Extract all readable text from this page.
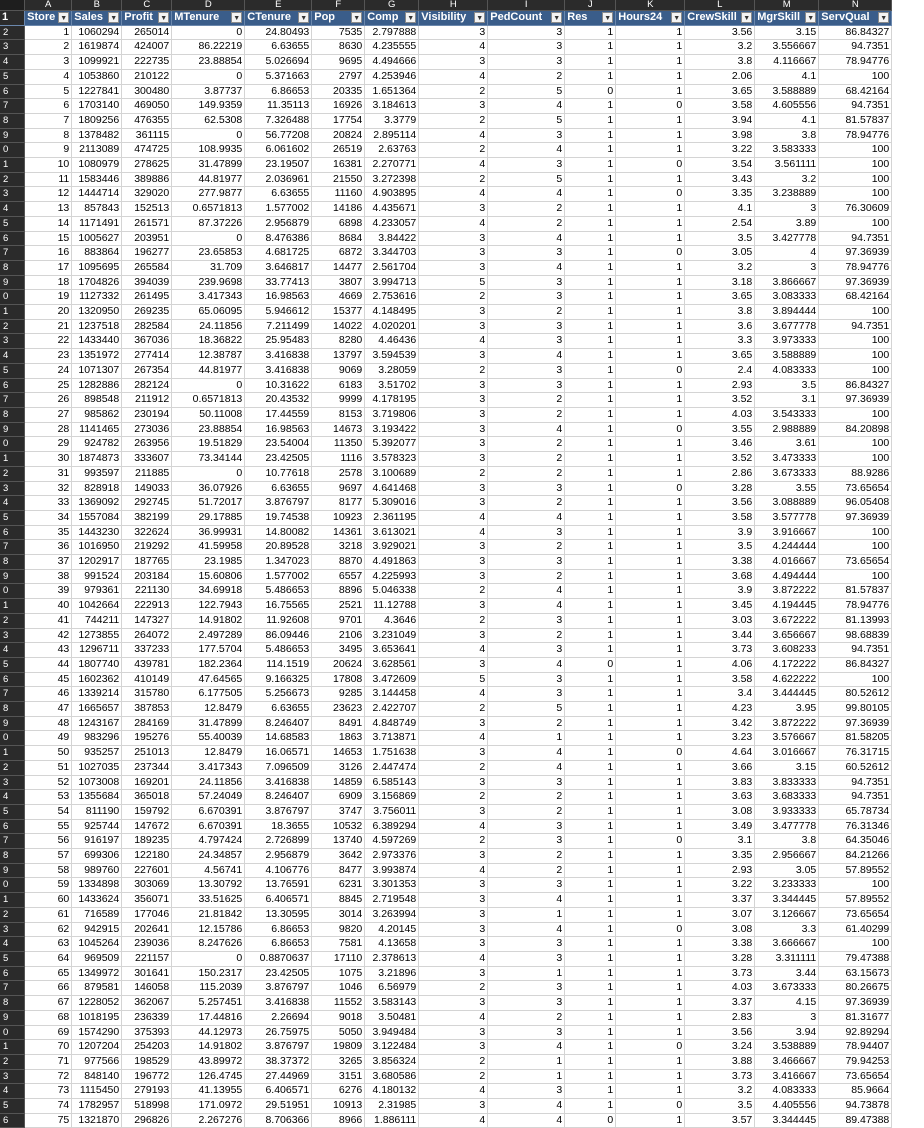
	A	B	C	D	E	F	G	H	I	J	K	L	M	N
1	Store ▼	Sales ▼	Profit ▼	MTenure ▼	CTenure ▼	Pop ▼	Comp ▼	Visibility ▼	PedCount ▼	Res ▼	Hours24 ▼	CrewSkill ▼	MgrSkill ▼	ServQual ▼

2	1	1060294	265014	0	24.80493	7535	2.797888	3	3	1	1	3.56	3.15	86.84327
3	2	1619874	424007	86.22219	6.63655	8630	4.235555	4	3	1	1	3.2	3.556667	94.7351
4	3	1099921	222735	23.88854	5.026694	9695	4.494666	3	3	1	1	3.8	4.116667	78.94776
5	4	1053860	210122	0	5.371663	2797	4.253946	4	2	1	1	2.06	4.1	100
6	5	1227841	300480	3.87737	6.86653	20335	1.651364	2	5	0	1	3.65	3.588889	68.42164
7	6	1703140	469050	149.9359	11.35113	16926	3.184613	3	4	1	0	3.58	4.605556	94.7351
8	7	1809256	476355	62.5308	7.326488	17754	3.3779	2	5	1	1	3.94	4.1	81.57837
9	8	1378482	361115	0	56.77208	20824	2.895114	4	3	1	1	3.98	3.8	78.94776
0	9	2113089	474725	108.9935	6.061602	26519	2.63763	2	4	1	1	3.22	3.583333	100
1	10	1080979	278625	31.47899	23.19507	16381	2.270771	4	3	1	0	3.54	3.561111	100
2	11	1583446	389886	44.81977	2.036961	21550	3.272398	2	5	1	1	3.43	3.2	100
3	12	1444714	329020	277.9877	6.63655	11160	4.903895	4	4	1	0	3.35	3.238889	100
4	13	857843	152513	0.6571813	1.577002	14186	4.435671	3	2	1	1	4.1	3	76.30609
5	14	1171491	261571	87.37226	2.956879	6898	4.233057	4	2	1	1	2.54	3.89	100
6	15	1005627	203951	0	8.476386	8684	3.84422	3	4	1	1	3.5	3.427778	94.7351
7	16	883864	196277	23.65853	4.681725	6872	3.344703	3	3	1	0	3.05	4	97.36939
8	17	1095695	265584	31.709	3.646817	14477	2.561704	3	4	1	1	3.2	3	78.94776
9	18	1704826	394039	239.9698	33.77413	3807	3.994713	5	3	1	1	3.18	3.866667	97.36939
0	19	1127332	261495	3.417343	16.98563	4669	2.753616	2	3	1	1	3.65	3.083333	68.42164
1	20	1320950	269235	65.06095	5.946612	15377	4.148495	3	2	1	1	3.8	3.894444	100
2	21	1237518	282584	24.11856	7.211499	14022	4.020201	3	3	1	1	3.6	3.677778	94.7351
3	22	1433440	367036	18.36822	25.95483	8280	4.46436	4	3	1	1	3.3	3.973333	100
4	23	1351972	277414	12.38787	3.416838	13797	3.594539	3	4	1	1	3.65	3.588889	100
5	24	1071307	267354	44.81977	3.416838	9069	3.28059	2	3	1	0	2.4	4.083333	100
6	25	1282886	282124	0	10.31622	6183	3.51702	3	3	1	1	2.93	3.5	86.84327
7	26	898548	211912	0.6571813	20.43532	9999	4.178195	3	2	1	1	3.52	3.1	97.36939
8	27	985862	230194	50.11008	17.44559	8153	3.719806	3	2	1	1	4.03	3.543333	100
9	28	1141465	273036	23.88854	16.98563	14673	3.193422	3	4	1	0	3.55	2.988889	84.20898
0	29	924782	263956	19.51829	23.54004	11350	5.392077	3	2	1	1	3.46	3.61	100
1	30	1874873	333607	73.34144	23.42505	1116	3.578323	3	2	1	1	3.52	3.473333	100
2	31	993597	211885	0	10.77618	2578	3.100689	2	2	1	1	2.86	3.673333	88.9286
3	32	828918	149033	36.07926	6.63655	9697	4.641468	3	3	1	0	3.28	3.55	73.65654
4	33	1369092	292745	51.72017	3.876797	8177	5.309016	3	2	1	1	3.56	3.088889	96.05408
5	34	1557084	382199	29.17885	19.74538	10923	2.361195	4	4	1	1	3.58	3.577778	97.36939
6	35	1443230	322624	36.99931	14.80082	14361	3.613021	4	3	1	1	3.9	3.916667	100
7	36	1016950	219292	41.59958	20.89528	3218	3.929021	3	2	1	1	3.5	4.244444	100
8	37	1202917	187765	23.1985	1.347023	8870	4.491863	3	3	1	1	3.38	4.016667	73.65654
9	38	991524	203184	15.60806	1.577002	6557	4.225993	3	2	1	1	3.68	4.494444	100
0	39	979361	221130	34.69918	5.486653	8896	5.046338	2	4	1	1	3.9	3.872222	81.57837
1	40	1042664	222913	122.7943	16.75565	2521	11.12788	3	4	1	1	3.45	4.194445	78.94776
2	41	744211	147327	14.91802	11.92608	9701	4.3646	2	3	1	1	3.03	3.672222	81.13993
3	42	1273855	264072	2.497289	86.09446	2106	3.231049	3	2	1	1	3.44	3.656667	98.68839
4	43	1296711	337233	177.5704	5.486653	3495	3.653641	4	3	1	1	3.73	3.608233	94.7351
5	44	1807740	439781	182.2364	114.1519	20624	3.628561	3	4	0	1	4.06	4.172222	86.84327
6	45	1602362	410149	47.64565	9.166325	17808	3.472609	5	3	1	1	3.58	4.622222	100
7	46	1339214	315780	6.177505	5.256673	9285	3.144458	4	3	1	1	3.4	3.444445	80.52612
8	47	1665657	387853	12.8479	6.63655	23623	2.422707	2	5	1	1	4.23	3.95	99.80105
9	48	1243167	284169	31.47899	8.246407	8491	4.848749	3	2	1	1	3.42	3.872222	97.36939
0	49	983296	195276	55.40039	14.68583	1863	3.713871	4	1	1	1	3.23	3.576667	81.58205
1	50	935257	251013	12.8479	16.06571	14653	1.751638	3	4	1	0	4.64	3.016667	76.31715
2	51	1027035	237344	3.417343	7.096509	3126	2.447474	2	4	1	1	3.66	3.15	60.52612
3	52	1073008	169201	24.11856	3.416838	14859	6.585143	3	3	1	1	3.83	3.833333	94.7351
4	53	1355684	365018	57.24049	8.246407	6909	3.156869	2	2	1	1	3.63	3.683333	94.7351
5	54	811190	159792	6.670391	3.876797	3747	3.756011	3	2	1	1	3.08	3.933333	65.78734
6	55	925744	147672	6.670391	18.3655	10532	6.389294	4	3	1	1	3.49	3.477778	76.31346
7	56	916197	189235	4.797424	2.726899	13740	4.597269	2	3	1	0	3.1	3.8	64.35046
8	57	699306	122180	24.34857	2.956879	3642	2.973376	3	2	1	1	3.35	2.956667	84.21266
9	58	989760	227601	4.56741	4.106776	8477	3.993874	4	2	1	1	2.93	3.05	57.89552
0	59	1334898	303069	13.30792	13.76591	6231	3.301353	3	3	1	1	3.22	3.233333	100
1	60	1433624	356071	33.51625	6.406571	8845	2.719548	3	4	1	1	3.37	3.344445	57.89552
2	61	716589	177046	21.81842	13.30595	3014	3.263994	3	1	1	1	3.07	3.126667	73.65654
3	62	942915	202641	12.15786	6.86653	9820	4.20145	3	4	1	0	3.08	3.3	61.40299
4	63	1045264	239036	8.247626	6.86653	7581	4.13658	3	3	1	1	3.38	3.666667	100
5	64	969509	221157	0	0.8870637	17110	2.378613	4	3	1	1	3.28	3.311111	79.47388
6	65	1349972	301641	150.2317	23.42505	1075	3.21896	3	1	1	1	3.73	3.44	63.15673
7	66	879581	146058	115.2039	3.876797	1046	6.56979	2	3	1	1	4.03	3.673333	80.26675
8	67	1228052	362067	5.257451	3.416838	11552	3.583143	3	3	1	1	3.37	4.15	97.36939
9	68	1018195	236339	17.44816	2.26694	9018	3.50481	4	2	1	1	2.83	3	81.31677
0	69	1574290	375393	44.12973	26.75975	5050	3.949484	3	3	1	1	3.56	3.94	92.89294
1	70	1207204	254203	14.91802	3.876797	19809	3.122484	3	4	1	0	3.24	3.538889	78.94407
2	71	977566	198529	43.89972	38.37372	3265	3.856324	2	1	1	1	3.88	3.466667	79.94253
3	72	848140	196772	126.4745	27.44969	3151	3.680586	2	1	1	1	3.73	3.416667	73.65654
4	73	1115450	279193	41.13955	6.406571	6276	4.180132	4	3	1	1	3.2	4.083333	85.9664
5	74	1782957	518998	171.0972	29.51951	10913	2.31985	3	4	1	0	3.5	4.405556	94.73878
6	75	1321870	296826	2.267276	8.706366	8966	1.886111	4	4	0	1	3.57	3.344445	89.47388
